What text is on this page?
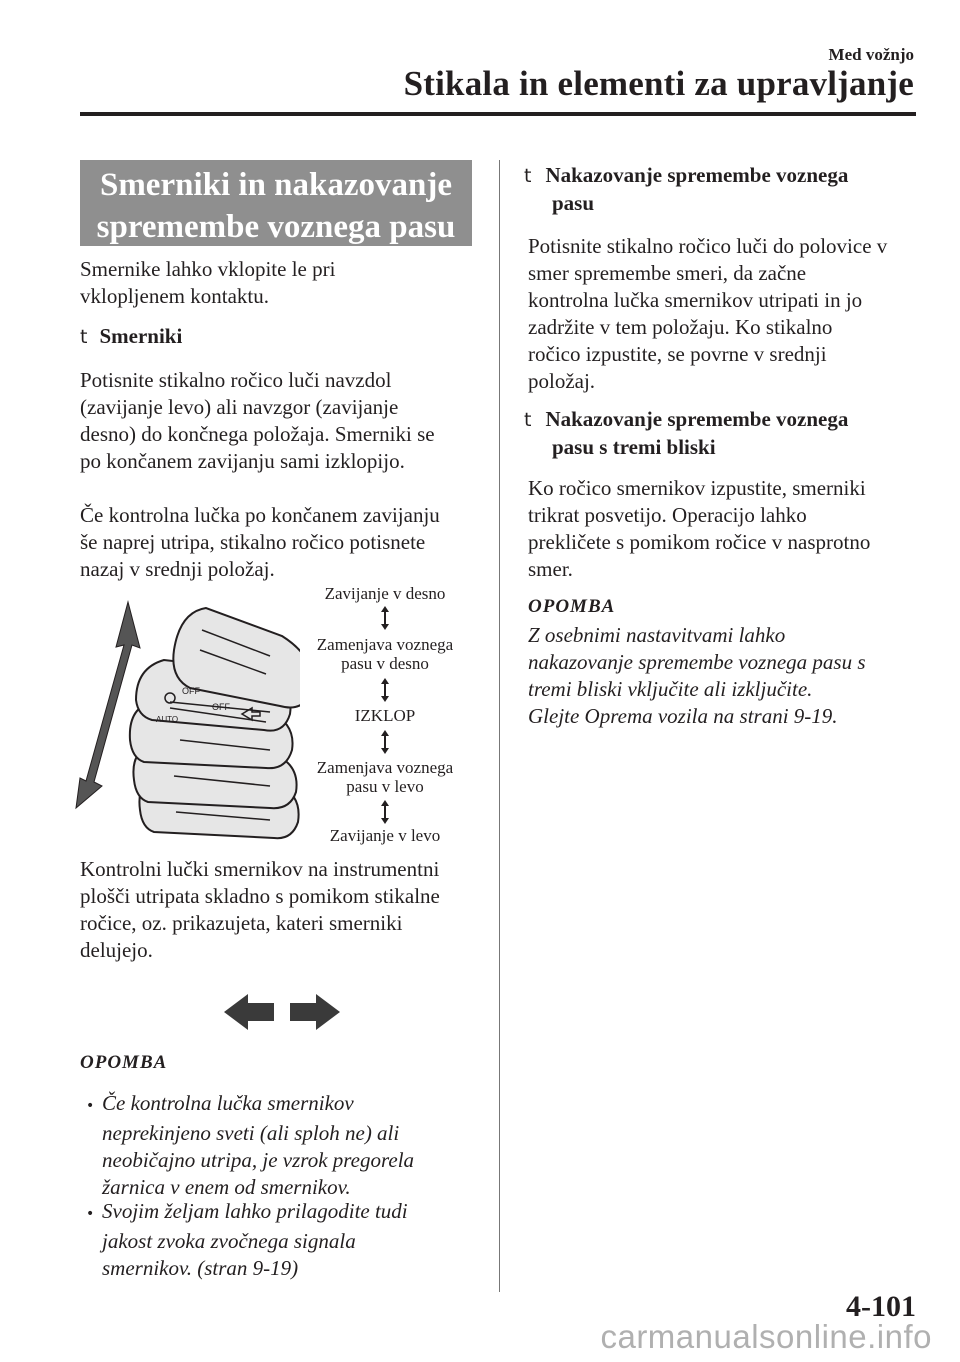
Med vožnjo
Stikala in elementi za upravljanje
Smerniki in nakazovanje
spremembe voznega pasu
Smernike lahko vklopite le pri
vklopljenem kontaktu.
t Smerniki
Potisnite stikalno ročico luči navzdol
(zavijanje levo) ali navzgor (zavijanje
desno) do končnega položaja. Smerniki se
po končanem zavijanju sami izklopijo.
Če kontrolna lučka po končanem zavijanju
še naprej utripa, stikalno ročico potisnete
nazaj v srednji položaj.
OFF
OFF
AUTO
Zavijanje v desno
Zamenjava voznega
pasu v desno
IZKLOP
Zamenjava voznega
pasu v levo
Zavijanje v levo
Kontrolni lučki smernikov na instrumentni
plošči utripata skladno s pomikom stikalne
ročice, oz. prikazujeta, kateri smerniki
delujejo.
OPOMBA
• Če kontrolna lučka smernikov
neprekinjeno sveti (ali sploh ne) ali
neobičajno utripa, je vzrok pregorela
žarnica v enem od smernikov.
• Svojim željam lahko prilagodite tudi
jakost zvoka zvočnega signala
smernikov. (stran 9-19)
t Nakazovanje spremembe voznega
pasu
Potisnite stikalno ročico luči do polovice v
smer spremembe smeri, da začne
kontrolna lučka smernikov utripati in jo
zadržite v tem položaju. Ko stikalno
ročico izpustite, se povrne v srednji
položaj.
t Nakazovanje spremembe voznega
pasu s tremi bliski
Ko ročico smernikov izpustite, smerniki
trikrat posvetijo. Operacijo lahko
prekličete s pomikom ročice v nasprotno
smer.
OPOMBA
Z osebnimi nastavitvami lahko
nakazovanje spremembe voznega pasu s
tremi bliski vključite ali izključite.
Glejte Oprema vozila na strani 9-19.
4-101
carmanualsonline.info
